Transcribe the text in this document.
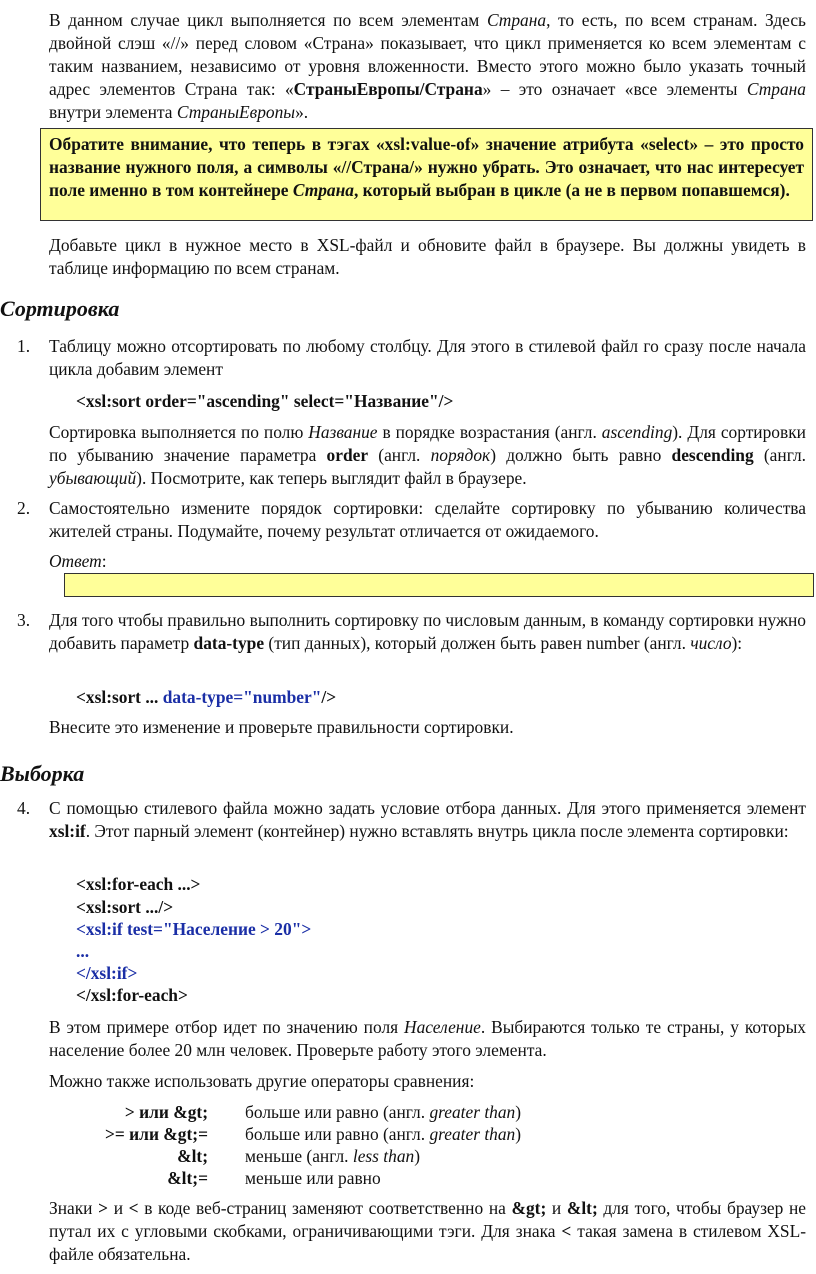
В данном случае цикл выполняется по всем элементам Страна, то есть, по всем странам. Здесь двойной слэш «//» перед словом «Страна» показывает, что цикл применяется ко всем элементам с таким названием, независимо от уровня вложенности. Вместо этого можно было указать точный адрес элементов Страна так: «СтраныЕвропы/Страна» – это означает «все элементы Страна внутри элемента СтраныЕвропы».

Обратите внимание, что теперь в тэгах «xsl:value-of» значение атрибута «select» – это просто название нужного поля, а символы «//Страна/» нужно убрать. Это означает, что нас интересует поле именно в том контейнере Страна, который выбран в цикле (а не в первом попавшемся).

Добавьте цикл в нужное место в XSL-файл и обновите файл в браузере. Вы должны увидеть в таблице информацию по всем странам.

Сортировка
1. Таблицу можно отсортировать по любому столбцу. Для этого в стилевой файл го сразу после начала цикла добавим элемент

<xsl:sort order="ascending" select="Название"/>

Сортировка выполняется по полю Название в порядке возрастания (англ. ascending). Для сортировки по убыванию значение параметра order (англ. порядок) должно быть равно descending (англ. убывающий). Посмотрите, как теперь выглядит файл в браузере.

2. Самостоятельно измените порядок сортировки: сделайте сортировку по убыванию количества жителей страны. Подумайте, почему результат отличается от ожидаемого.

Ответ:

3. Для того чтобы правильно выполнить сортировку по числовым данным, в команду сортировки нужно добавить параметр data-type (тип данных), который должен быть равен number (англ. число):

<xsl:sort ... data-type="number"/>

Внесите это изменение и проверьте правильности сортировки.

Выборка
4. С помощью стилевого файла можно задать условие отбора данных. Для этого применяется элемент xsl:if. Этот парный элемент (контейнер) нужно вставлять внутрь цикла после элемента сортировки:

<xsl:for-each ...>
<xsl:sort .../>
<xsl:if test="Население > 20">
...
</xsl:if>
</xsl:for-each>

В этом примере отбор идет по значению поля Население. Выбираются только те страны, у которых население более 20 млн человек. Проверьте работу этого элемента.

Можно также использовать другие операторы сравнения:

> или &gt; больше или равно (англ. greater than)
>= или &gt;= больше или равно (англ. greater than)
&lt; меньше (англ. less than)
&lt;= меньше или равно

Знаки > и < в коде веб-страниц заменяют соответственно на &gt; и &lt; для того, чтобы браузер не путал их с угловыми скобками, ограничивающими тэги. Для знака < такая замена в стилевом XSL-файле обязательна.
